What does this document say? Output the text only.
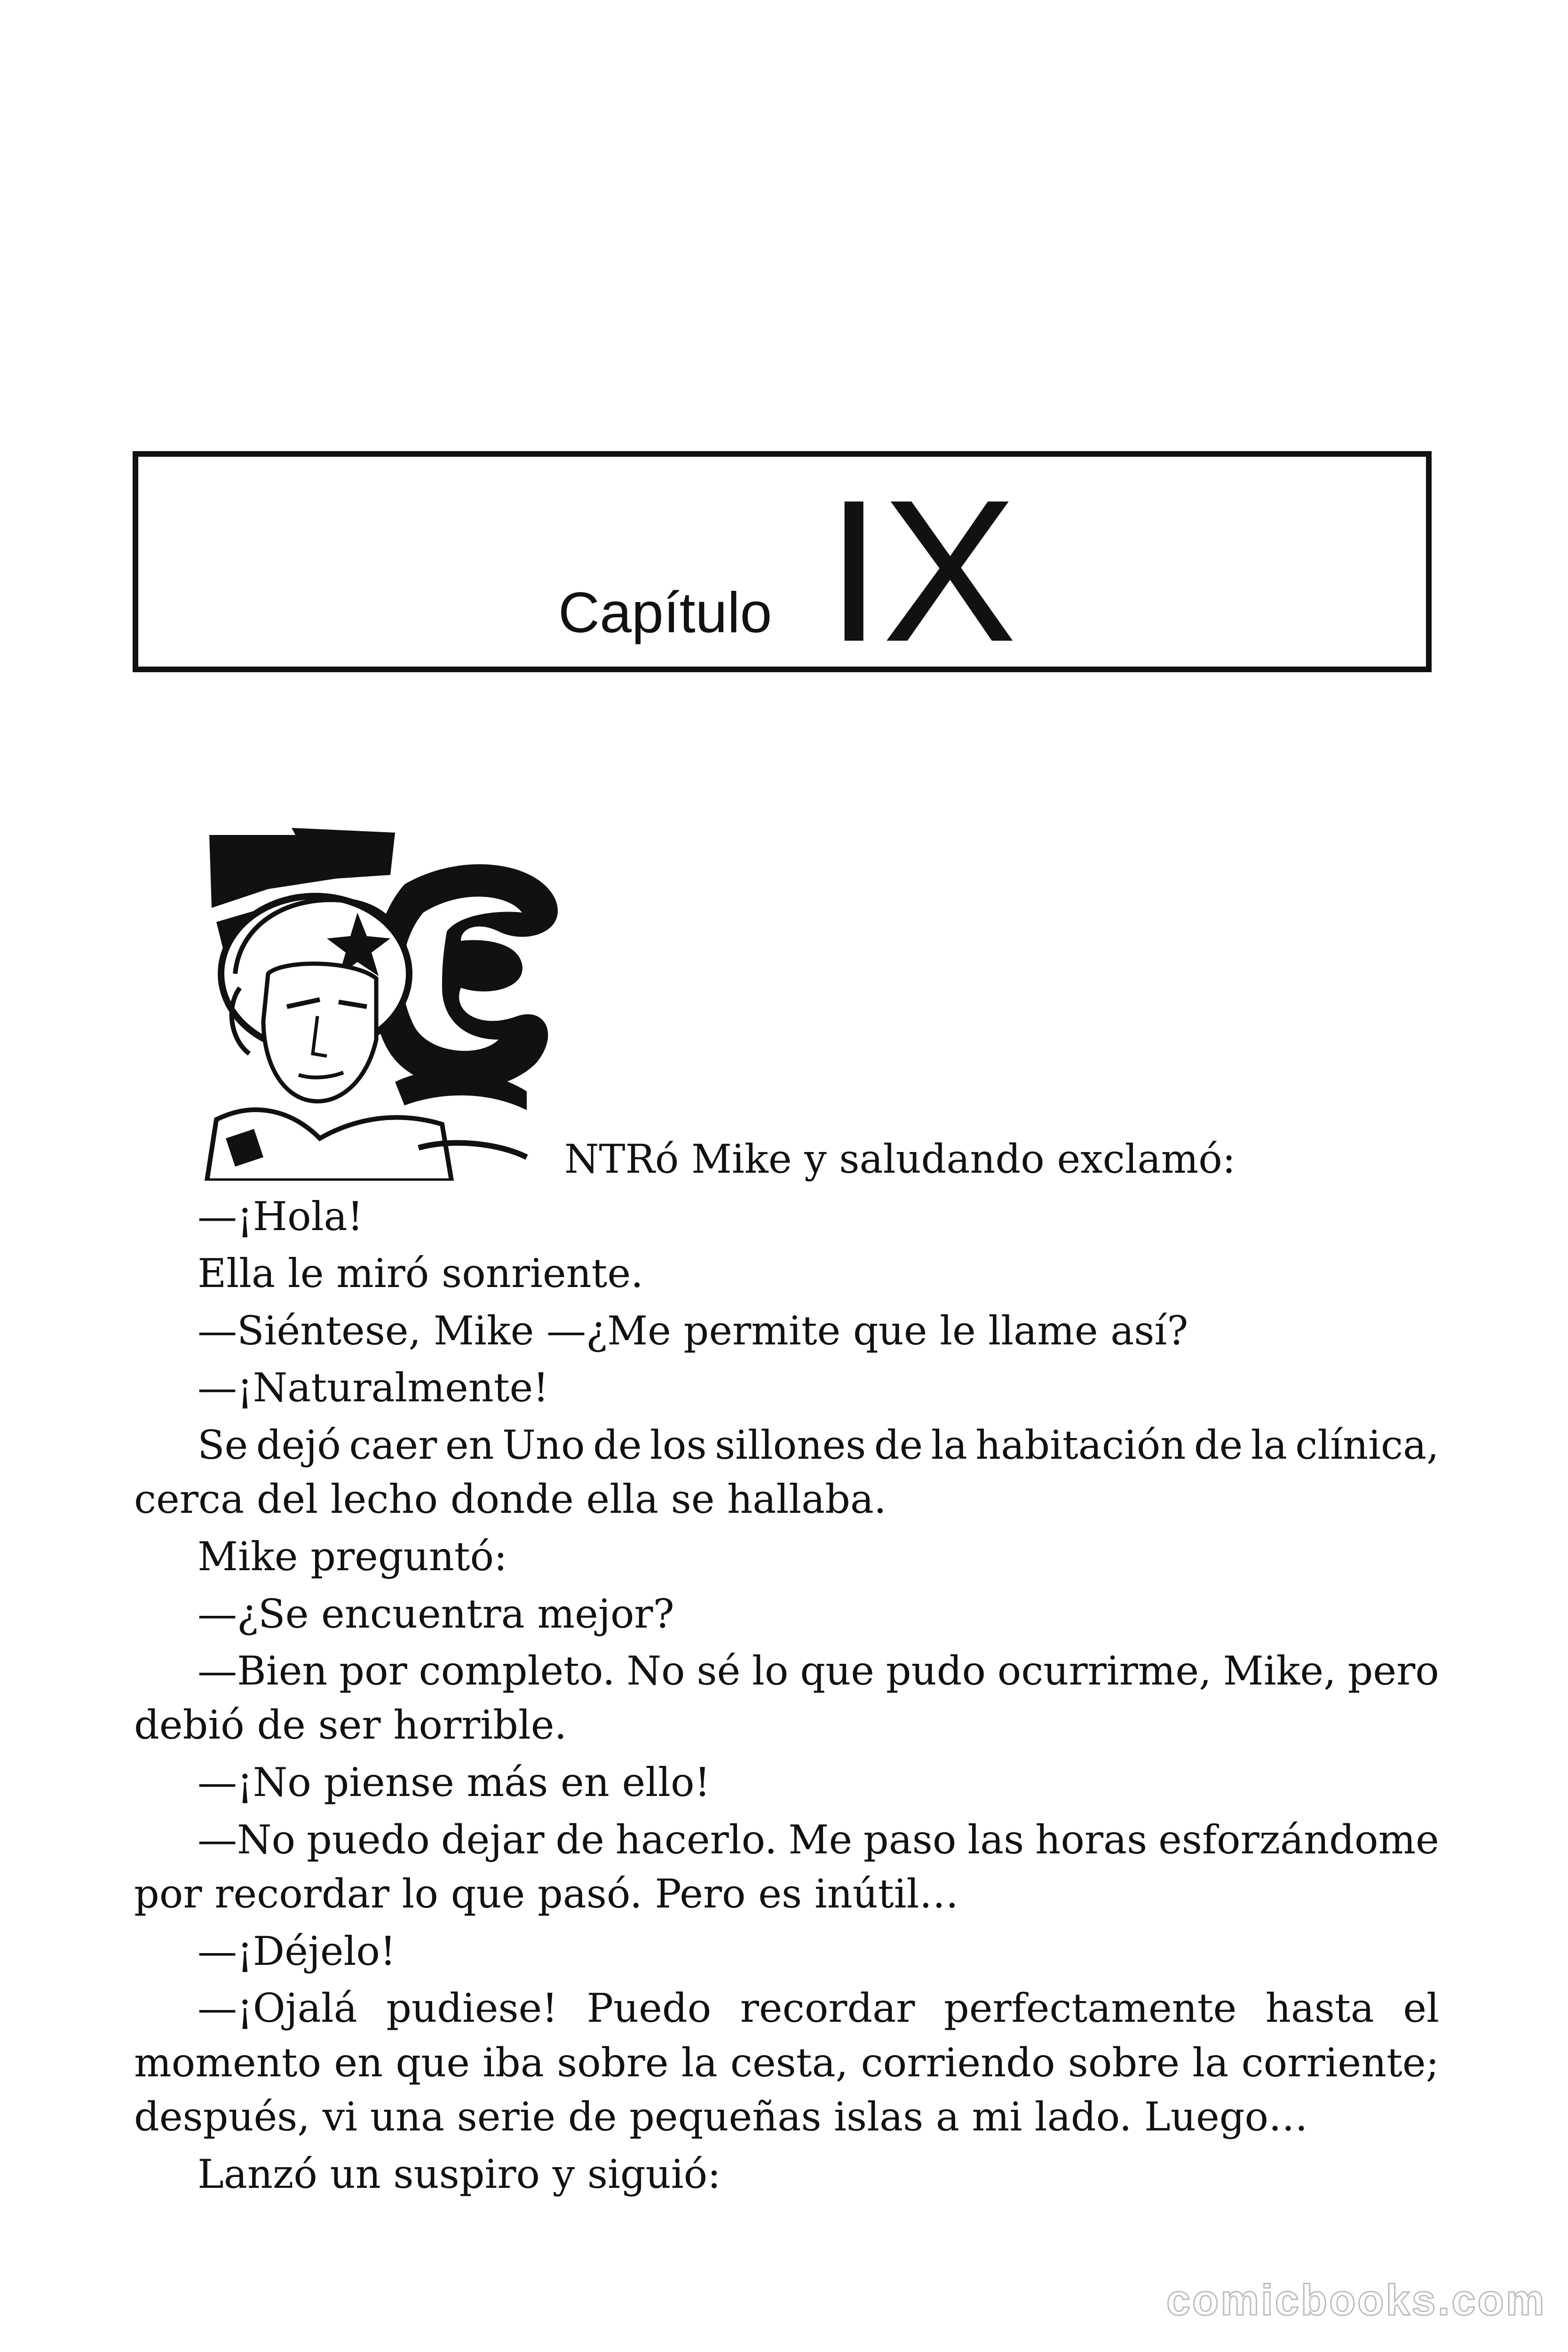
Capítulo IX
NTRó Mike y saludando exclamó:
—¡Hola!
Ella le miró sonriente.
—Siéntese, Mike —¿Me permite que le llame así?
—¡Naturalmente!
Se dejó caer en Uno de los sillones de la habitación de la clínica,
cerca del lecho donde ella se hallaba.
Mike preguntó:
—¿Se encuentra mejor?
—Bien por completo. No sé lo que pudo ocurrirme, Mike, pero
debió de ser horrible.
—¡No piense más en ello!
—No puedo dejar de hacerlo. Me paso las horas esforzándome
por recordar lo que pasó. Pero es inútil…
—¡Déjelo!
—¡Ojalá pudiese! Puedo recordar perfectamente hasta el
momento en que iba sobre la cesta, corriendo sobre la corriente;
después, vi una serie de pequeñas islas a mi lado. Luego…
Lanzó un suspiro y siguió:
comicbooks.com
